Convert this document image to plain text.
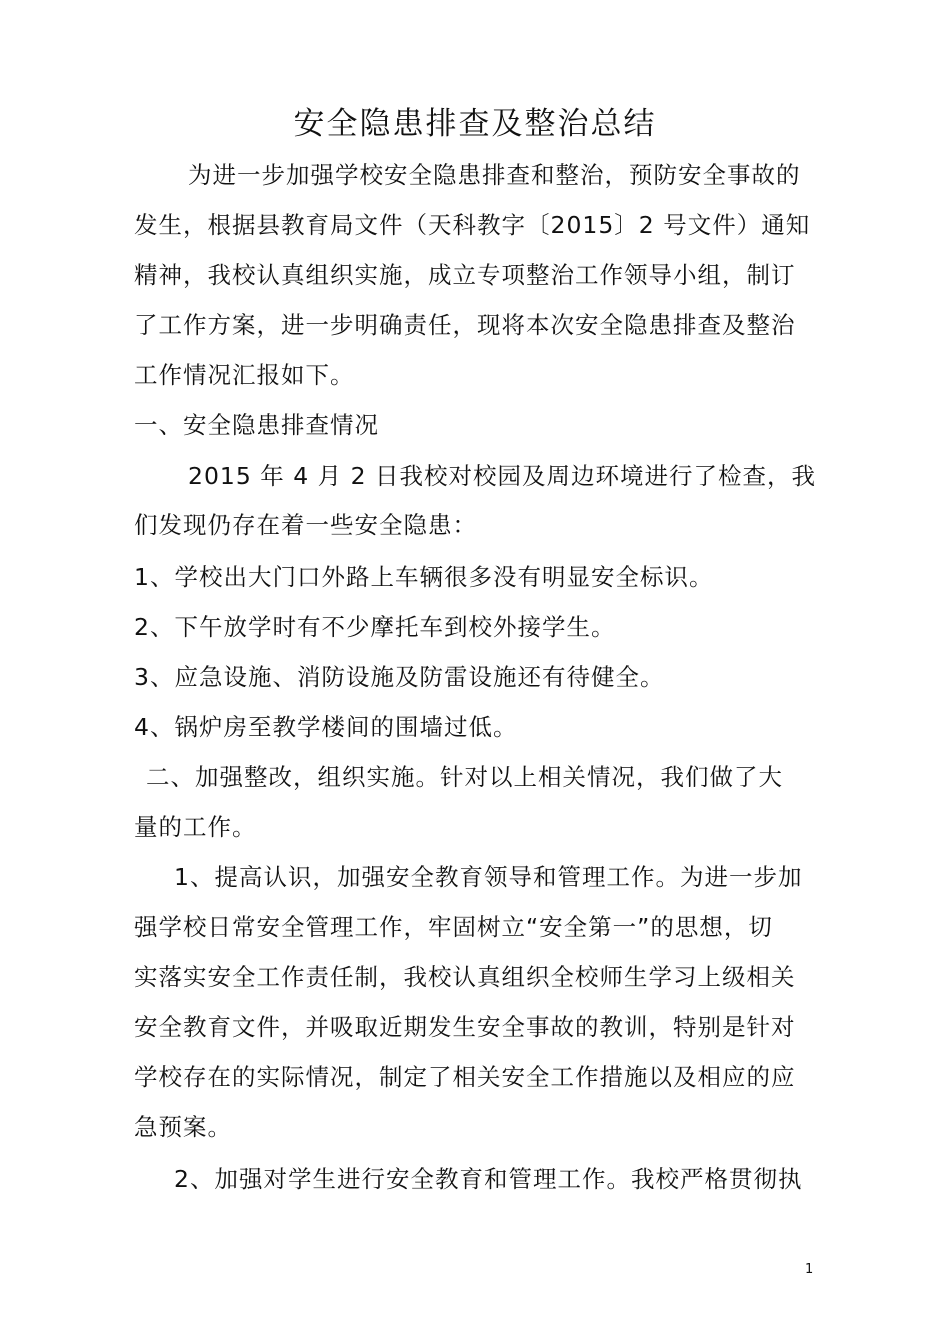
安全隐患排查及整治总结
为进一步加强学校安全隐患排查和整治，预防安全事故的
发生，根据县教育局文件（天科教字〔2015〕2 号文件）通知
精神，我校认真组织实施，成立专项整治工作领导小组，制订
了工作方案，进一步明确责任，现将本次安全隐患排查及整治
工作情况汇报如下。
一、安全隐患排查情况
2015 年 4 月 2 日我校对校园及周边环境进行了检查，我
们发现仍存在着一些安全隐患：
1、学校出大门口外路上车辆很多没有明显安全标识。
2、下午放学时有不少摩托车到校外接学生。
3、应急设施、消防设施及防雷设施还有待健全。
4、锅炉房至教学楼间的围墙过低。
二、加强整改，组织实施。针对以上相关情况，我们做了大
量的工作。
1、提高认识，加强安全教育领导和管理工作。为进一步加
强学校日常安全管理工作，牢固树立“安全第一”的思想，切
实落实安全工作责任制，我校认真组织全校师生学习上级相关
安全教育文件，并吸取近期发生安全事故的教训，特别是针对
学校存在的实际情况，制定了相关安全工作措施以及相应的应
急预案。
2、加强对学生进行安全教育和管理工作。我校严格贯彻执
1
